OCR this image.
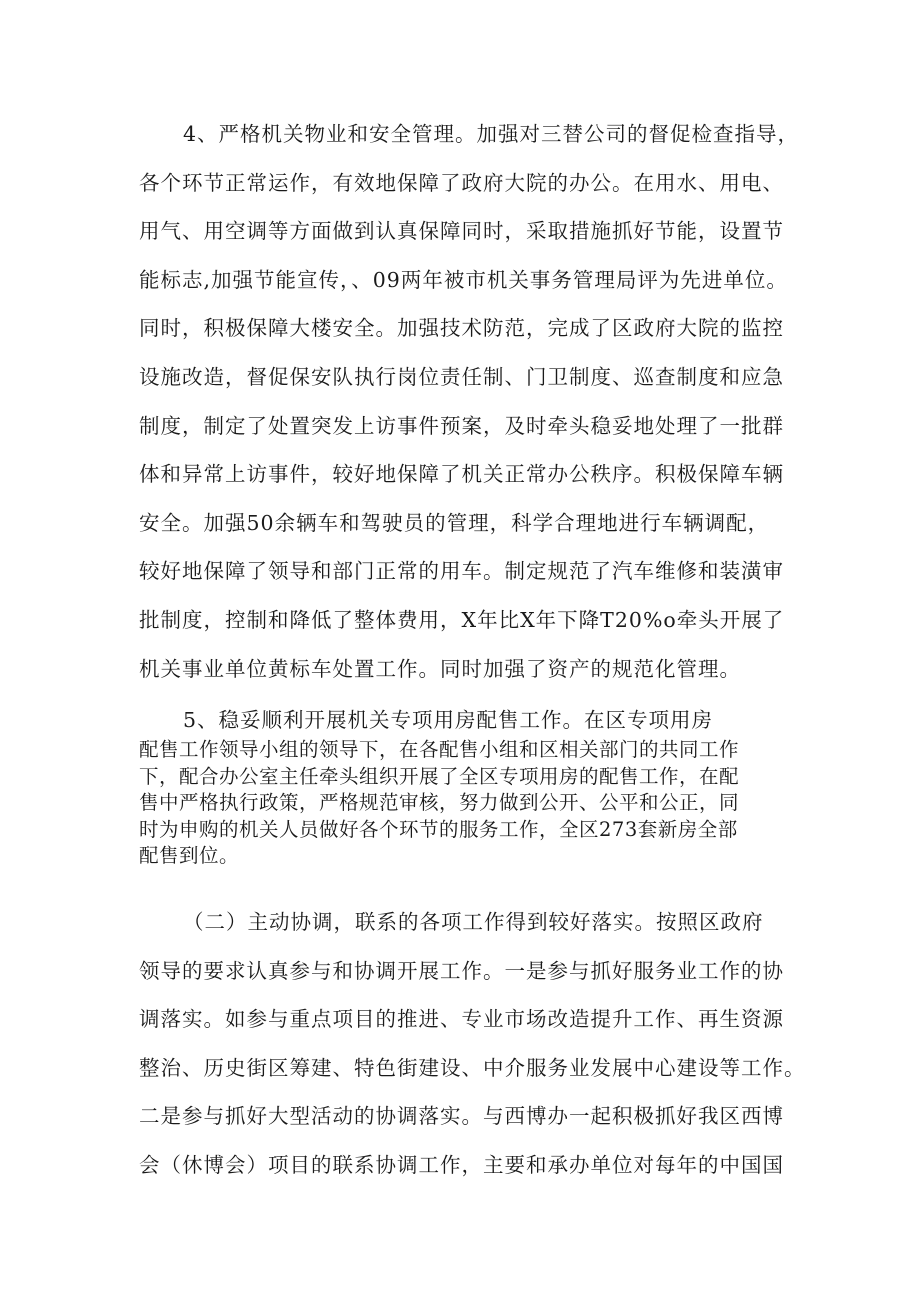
4、严格机关物业和安全管理。加强对三替公司的督促检查指导，
各个环节正常运作，有效地保障了政府大院的办公。在用水、用电、
用气、用空调等方面做到认真保障同时，采取措施抓好节能，设置节
能标志,加强节能宣传，、09两年被市机关事务管理局评为先进单位。
同时，积极保障大楼安全。加强技术防范，完成了区政府大院的监控
设施改造，督促保安队执行岗位责任制、门卫制度、巡查制度和应急
制度，制定了处置突发上访事件预案，及时牵头稳妥地处理了一批群
体和异常上访事件，较好地保障了机关正常办公秩序。积极保障车辆
安全。加强50余辆车和驾驶员的管理，科学合理地进行车辆调配，
较好地保障了领导和部门正常的用车。制定规范了汽车维修和装潢审
批制度，控制和降低了整体费用，X年比X年下降T20%o牵头开展了
机关事业单位黄标车处置工作。同时加强了资产的规范化管理。
5、稳妥顺利开展机关专项用房配售工作。在区专项用房
配售工作领导小组的领导下，在各配售小组和区相关部门的共同工作
下，配合办公室主任牵头组织开展了全区专项用房的配售工作，在配
售中严格执行政策，严格规范审核，努力做到公开、公平和公正，同
时为申购的机关人员做好各个环节的服务工作，全区273套新房全部
配售到位。
（二）主动协调，联系的各项工作得到较好落实。按照区政府
领导的要求认真参与和协调开展工作。一是参与抓好服务业工作的协
调落实。如参与重点项目的推进、专业市场改造提升工作、再生资源
整治、历史街区筹建、特色街建设、中介服务业发展中心建设等工作。
二是参与抓好大型活动的协调落实。与西博办一起积极抓好我区西博
会（休博会）项目的联系协调工作，主要和承办单位对每年的中国国
